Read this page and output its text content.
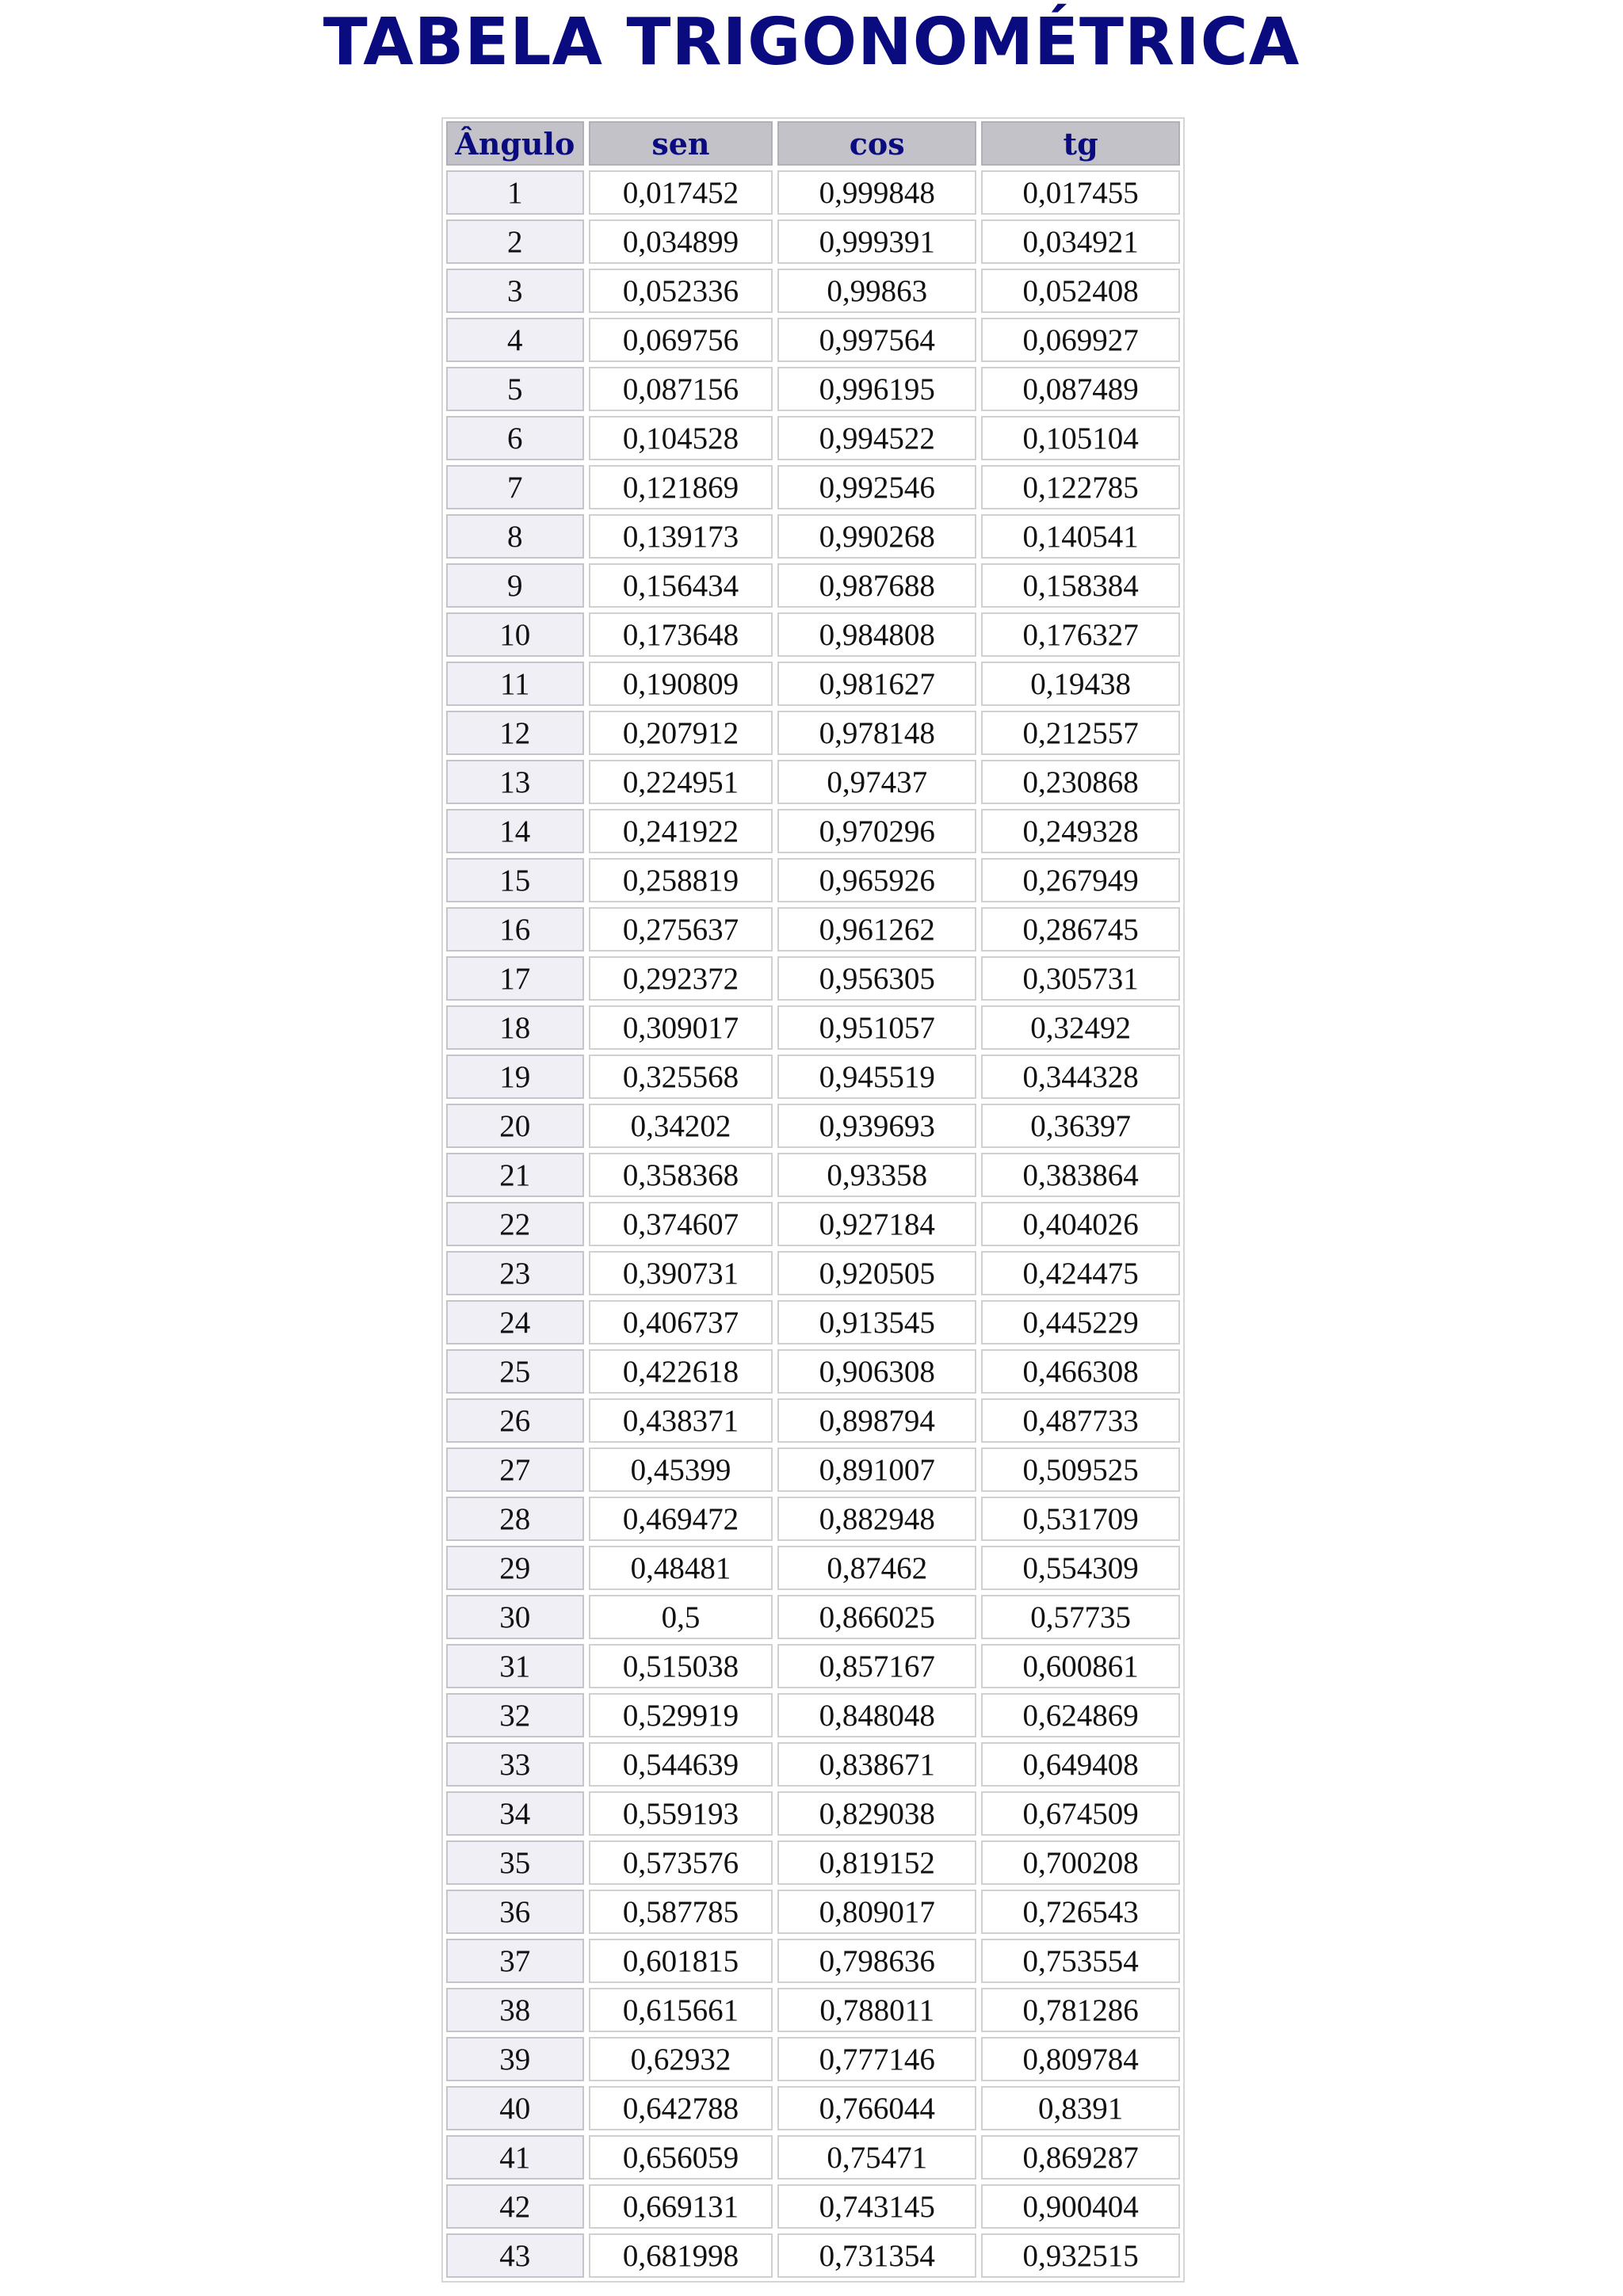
TABELA TRIGONOMÉTRICA
Ângulo	sen	cos	tg
1	0,017452	0,999848	0,017455
2	0,034899	0,999391	0,034921
3	0,052336	0,99863	0,052408
4	0,069756	0,997564	0,069927
5	0,087156	0,996195	0,087489
6	0,104528	0,994522	0,105104
7	0,121869	0,992546	0,122785
8	0,139173	0,990268	0,140541
9	0,156434	0,987688	0,158384
10	0,173648	0,984808	0,176327
11	0,190809	0,981627	0,19438
12	0,207912	0,978148	0,212557
13	0,224951	0,97437	0,230868
14	0,241922	0,970296	0,249328
15	0,258819	0,965926	0,267949
16	0,275637	0,961262	0,286745
17	0,292372	0,956305	0,305731
18	0,309017	0,951057	0,32492
19	0,325568	0,945519	0,344328
20	0,34202	0,939693	0,36397
21	0,358368	0,93358	0,383864
22	0,374607	0,927184	0,404026
23	0,390731	0,920505	0,424475
24	0,406737	0,913545	0,445229
25	0,422618	0,906308	0,466308
26	0,438371	0,898794	0,487733
27	0,45399	0,891007	0,509525
28	0,469472	0,882948	0,531709
29	0,48481	0,87462	0,554309
30	0,5	0,866025	0,57735
31	0,515038	0,857167	0,600861
32	0,529919	0,848048	0,624869
33	0,544639	0,838671	0,649408
34	0,559193	0,829038	0,674509
35	0,573576	0,819152	0,700208
36	0,587785	0,809017	0,726543
37	0,601815	0,798636	0,753554
38	0,615661	0,788011	0,781286
39	0,62932	0,777146	0,809784
40	0,642788	0,766044	0,8391
41	0,656059	0,75471	0,869287
42	0,669131	0,743145	0,900404
43	0,681998	0,731354	0,932515
